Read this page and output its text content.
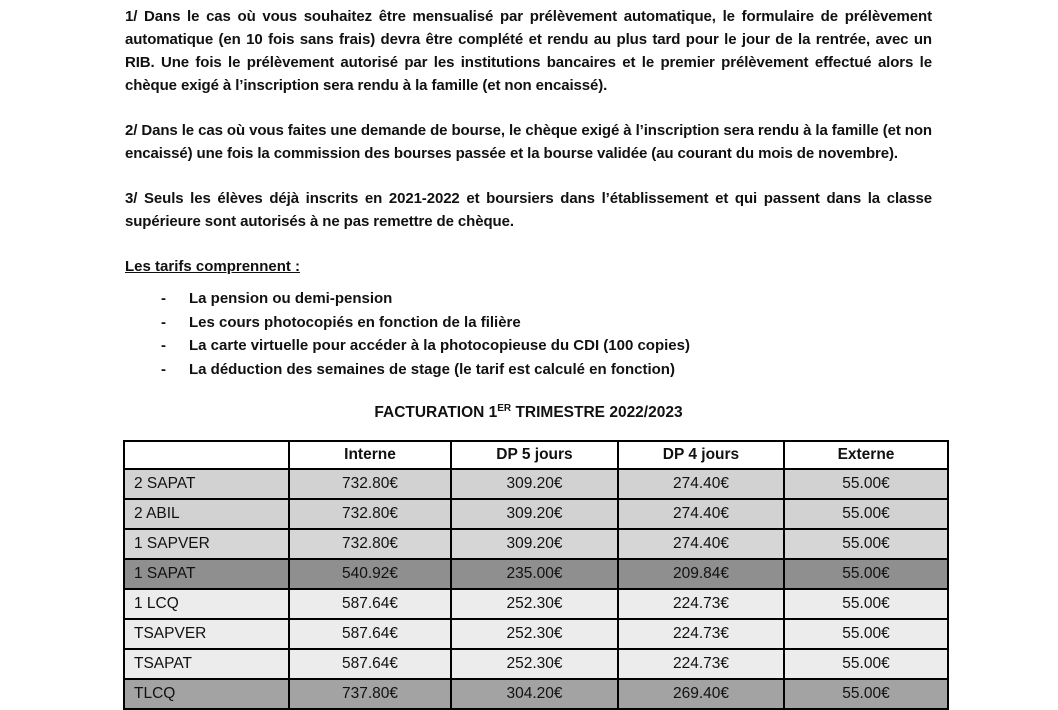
1/ Dans le cas où vous souhaitez être mensualisé par prélèvement automatique, le formulaire de prélèvement automatique (en 10 fois sans frais) devra être complété et rendu au plus tard pour le jour de la rentrée, avec un RIB. Une fois le prélèvement autorisé par les institutions bancaires et le premier prélèvement effectué alors le chèque exigé à l’inscription sera rendu à la famille (et non encaissé).

2/ Dans le cas où vous faites une demande de bourse, le chèque exigé à l’inscription sera rendu à la famille (et non encaissé) une fois la commission des bourses passée et la bourse validée (au courant du mois de novembre).

3/ Seuls les élèves déjà inscrits en 2021-2022 et boursiers dans l’établissement et qui passent dans la classe supérieure sont autorisés à ne pas remettre de chèque.

Les tarifs comprennent :
-	La pension ou demi-pension
-	Les cours photocopiés en fonction de la filière
-	La carte virtuelle pour accéder à la photocopieuse du CDI (100 copies)
-	La déduction des semaines de stage (le tarif est calculé en fonction)
FACTURATION 1ER TRIMESTRE 2022/2023
	Interne	DP 5 jours	DP 4 jours	Externe
2 SAPAT	732.80€	309.20€	274.40€	55.00€
2 ABIL	732.80€	309.20€	274.40€	55.00€
1 SAPVER	732.80€	309.20€	274.40€	55.00€
1 SAPAT	540.92€	235.00€	209.84€	55.00€
1 LCQ	587.64€	252.30€	224.73€	55.00€
TSAPVER	587.64€	252.30€	224.73€	55.00€
TSAPAT	587.64€	252.30€	224.73€	55.00€
TLCQ	737.80€	304.20€	269.40€	55.00€
